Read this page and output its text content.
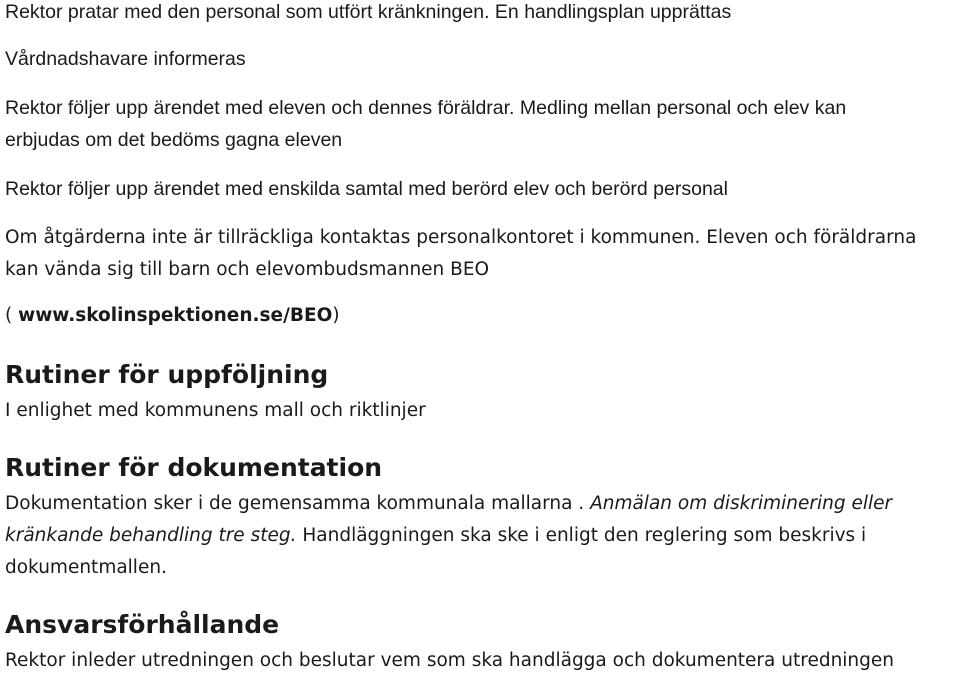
Rektor pratar med den personal som utfört kränkningen. En handlingsplan upprättas
Vårdnadshavare informeras
Rektor följer upp ärendet med eleven och dennes föräldrar. Medling mellan personal och elev kan
erbjudas om det bedöms gagna eleven
Rektor följer upp ärendet med enskilda samtal med berörd elev och berörd personal
Om åtgärderna inte är tillräckliga kontaktas personalkontoret i kommunen. Eleven och föräldrarna
kan vända sig till barn och elevombudsmannen BEO
( www.skolinspektionen.se/BEO)
Rutiner för uppföljning
I enlighet med kommunens mall och riktlinjer
Rutiner för dokumentation
Dokumentation sker i de gemensamma kommunala mallarna . Anmälan om diskriminering eller
kränkande behandling tre steg. Handläggningen ska ske i enligt den reglering som beskrivs i
dokumentmallen.
Ansvarsförhållande
Rektor inleder utredningen och beslutar vem som ska handlägga och dokumentera utredningen
